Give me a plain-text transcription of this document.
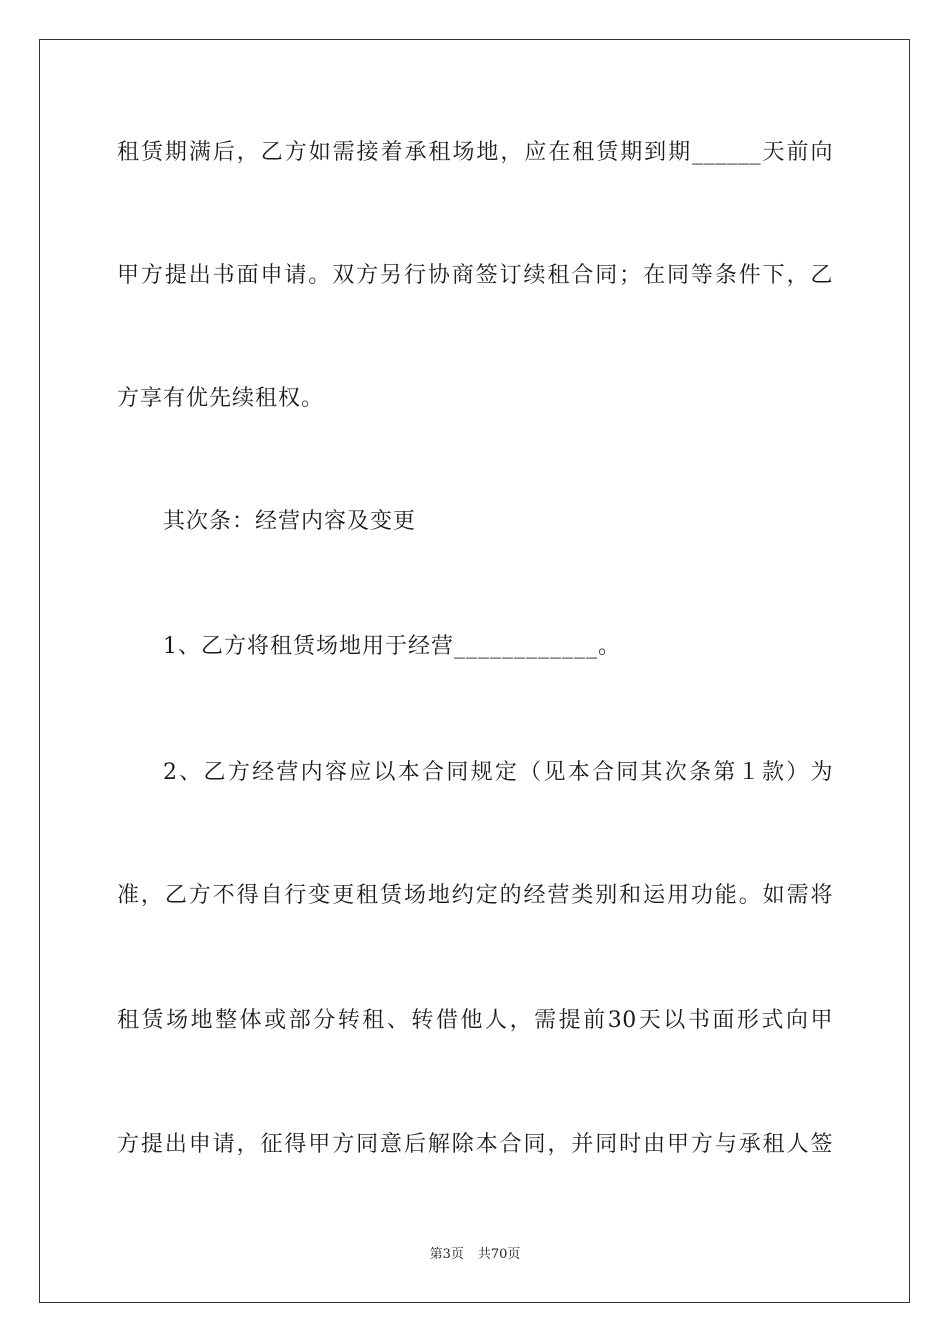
租赁期满后，乙方如需接着承租场地，应在租赁期到期______天前向
甲方提出书面申请。双方另行协商签订续租合同；在同等条件下，乙
方享有优先续租权。
其次条：经营内容及变更
1、乙方将租赁场地用于经营____________。
2、乙方经营内容应以本合同规定（见本合同其次条第１款）为
准，乙方不得自行变更租赁场地约定的经营类别和运用功能。如需将
租赁场地整体或部分转租、转借他人，需提前30天以书面形式向甲
方提出申请，征得甲方同意后解除本合同，并同时由甲方与承租人签
第3页 共70页
